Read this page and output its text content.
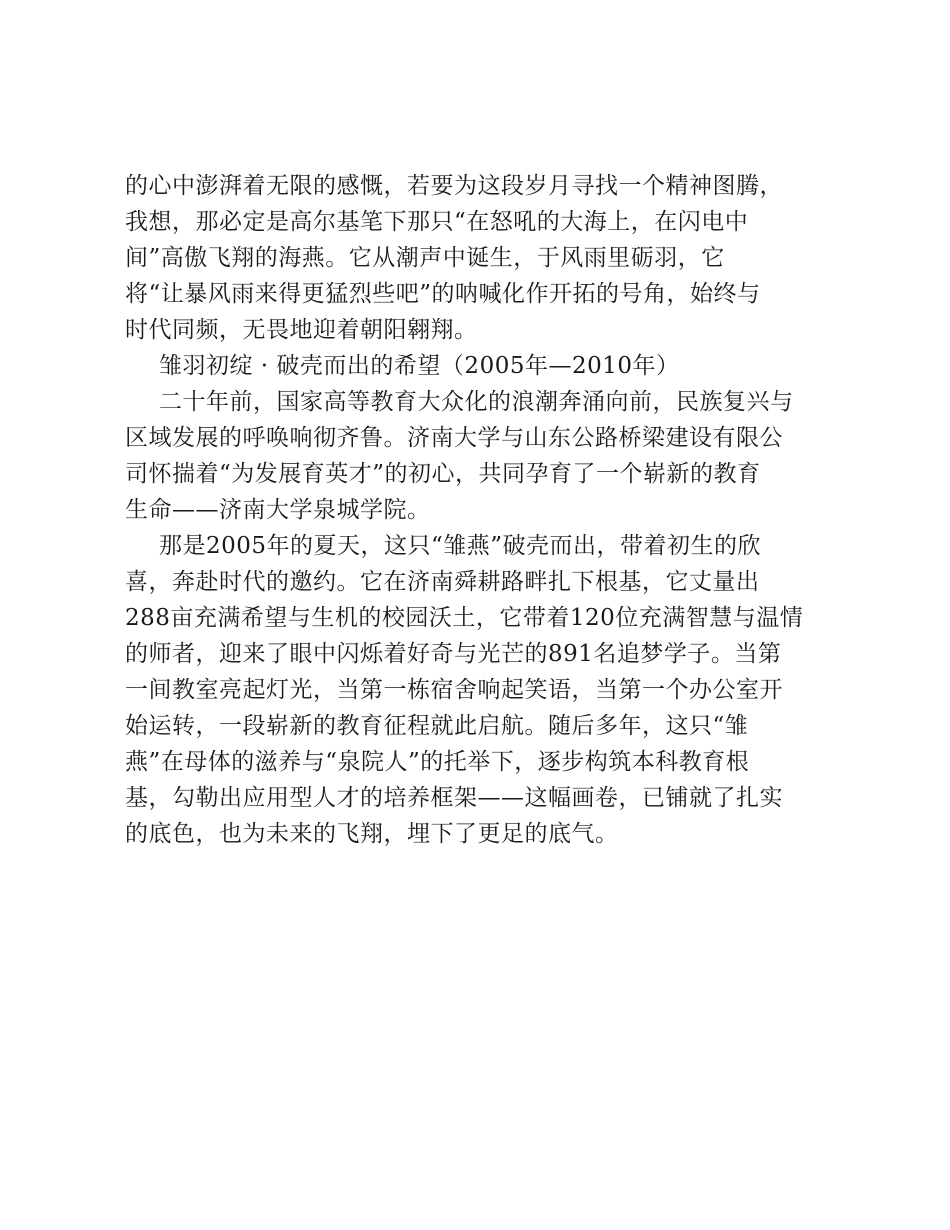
的心中澎湃着无限的感慨，若要为这段岁月寻找一个精神图腾，
我想，那必定是高尔基笔下那只“在怒吼的大海上，在闪电中
间”高傲飞翔的海燕。它从潮声中诞生，于风雨里砺羽，它
将“让暴风雨来得更猛烈些吧”的呐喊化作开拓的号角，始终与
时代同频，无畏地迎着朝阳翱翔。
雏羽初绽 · 破壳而出的希望（2005年—2010年）
二十年前，国家高等教育大众化的浪潮奔涌向前，民族复兴与
区域发展的呼唤响彻齐鲁。济南大学与山东公路桥梁建设有限公
司怀揣着“为发展育英才”的初心，共同孕育了一个崭新的教育
生命——济南大学泉城学院。
那是2005年的夏天，这只“雏燕”破壳而出，带着初生的欣
喜，奔赴时代的邀约。它在济南舜耕路畔扎下根基，它丈量出
288亩充满希望与生机的校园沃土，它带着120位充满智慧与温情
的师者，迎来了眼中闪烁着好奇与光芒的891名追梦学子。当第
一间教室亮起灯光，当第一栋宿舍响起笑语，当第一个办公室开
始运转，一段崭新的教育征程就此启航。随后多年，这只“雏
燕”在母体的滋养与“泉院人”的托举下，逐步构筑本科教育根
基，勾勒出应用型人才的培养框架——这幅画卷，已铺就了扎实
的底色，也为未来的飞翔，埋下了更足的底气。
